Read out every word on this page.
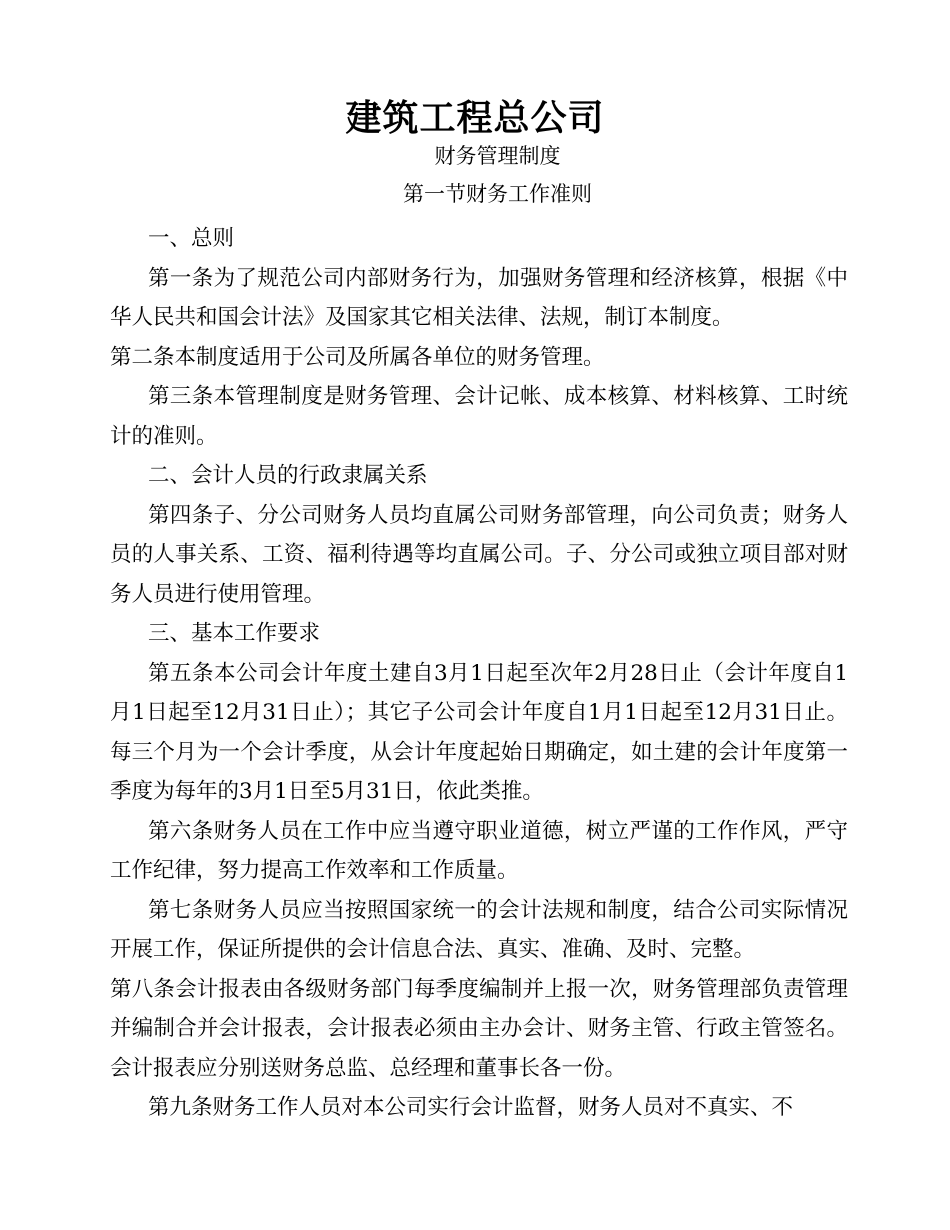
建筑工程总公司
财务管理制度
第一节财务工作准则

一、总则

第一条为了规范公司内部财务行为，加强财务管理和经济核算，根据《中华人民共和国会计法》及国家其它相关法律、法规，制订本制度。

第二条本制度适用于公司及所属各单位的财务管理。

第三条本管理制度是财务管理、会计记帐、成本核算、材料核算、工时统计的准则。

二、会计人员的行政隶属关系

第四条子、分公司财务人员均直属公司财务部管理，向公司负责；财务人员的人事关系、工资、福利待遇等均直属公司。子、分公司或独立项目部对财务人员进行使用管理。

三、基本工作要求

第五条本公司会计年度土建自3月1日起至次年2月28日止（会计年度自1月1日起至12月31日止）；其它子公司会计年度自1月1日起至12月31日止。每三个月为一个会计季度，从会计年度起始日期确定，如土建的会计年度第一季度为每年的3月1日至5月31日，依此类推。

第六条财务人员在工作中应当遵守职业道德，树立严谨的工作作风，严守工作纪律，努力提高工作效率和工作质量。

第七条财务人员应当按照国家统一的会计法规和制度，结合公司实际情况开展工作，保证所提供的会计信息合法、真实、准确、及时、完整。

第八条会计报表由各级财务部门每季度编制并上报一次，财务管理部负责管理并编制合并会计报表，会计报表必须由主办会计、财务主管、行政主管签名。会计报表应分别送财务总监、总经理和董事长各一份。

第九条财务工作人员对本公司实行会计监督，财务人员对不真实、不
